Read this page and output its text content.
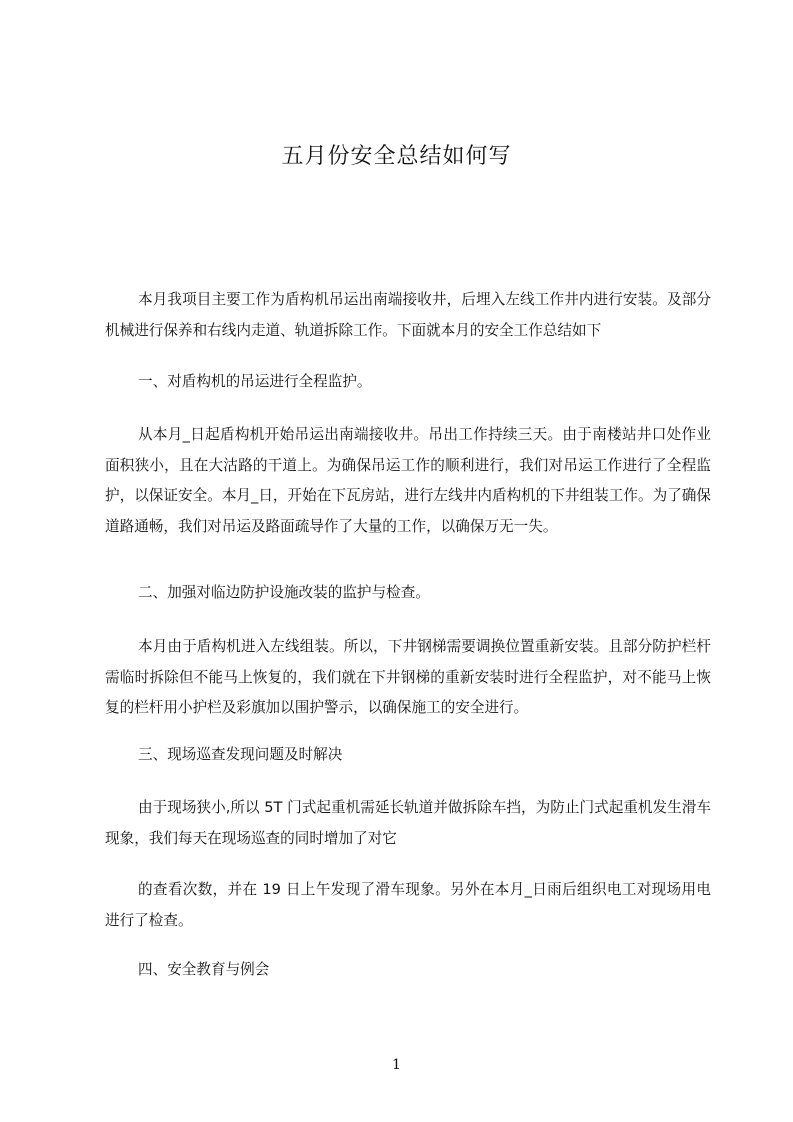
五月份安全总结如何写

本月我项目主要工作为盾构机吊运出南端接收井，后埋入左线工作井内进行安装。及部分机械进行保养和右线内走道、轨道拆除工作。下面就本月的安全工作总结如下

一、对盾构机的吊运进行全程监护。

从本月_日起盾构机开始吊运出南端接收井。吊出工作持续三天。由于南楼站井口处作业面积狭小，且在大沽路的干道上。为确保吊运工作的顺利进行，我们对吊运工作进行了全程监护，以保证安全。本月_日，开始在下瓦房站，进行左线井内盾构机的下井组装工作。为了确保道路通畅，我们对吊运及路面疏导作了大量的工作，以确保万无一失。

二、加强对临边防护设施改装的监护与检查。

本月由于盾构机进入左线组装。所以，下井钢梯需要调换位置重新安装。且部分防护栏杆需临时拆除但不能马上恢复的，我们就在下井钢梯的重新安装时进行全程监护，对不能马上恢复的栏杆用小护栏及彩旗加以围护警示，以确保施工的安全进行。

三、现场巡查发现问题及时解决

由于现场狭小,所以 5T 门式起重机需延长轨道并做拆除车挡，为防止门式起重机发生滑车现象，我们每天在现场巡查的同时增加了对它

的查看次数，并在 19 日上午发现了滑车现象。另外在本月_日雨后组织电工对现场用电进行了检查。

四、安全教育与例会

1
